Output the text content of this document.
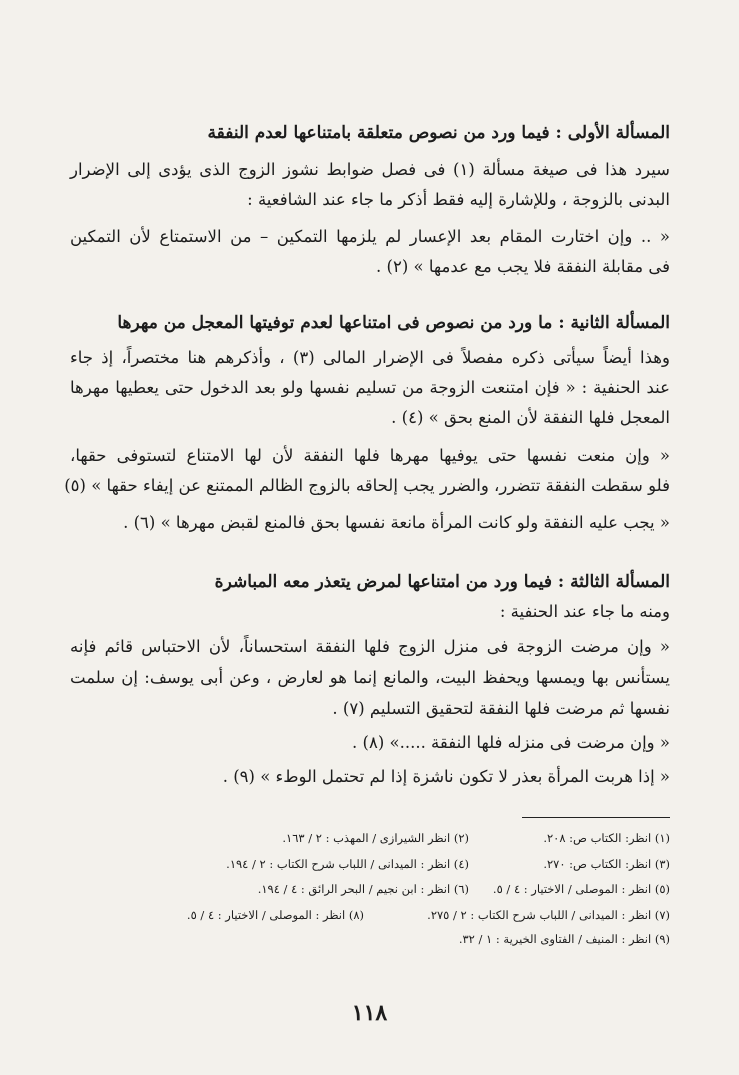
المسألة الأولى : فيما ورد من نصوص متعلقة بامتناعها لعدم النفقة
سيرد هذا فى صيغة مسألة (١) فى فصل ضوابط نشوز الزوج الذى يؤدى إلى الإضرار
البدنى بالزوجة ، وللإشارة إليه فقط أذكر ما جاء عند الشافعية :
« .. وإن اختارت المقام بعد الإعسار لم يلزمها التمكين – من الاستمتاع لأن التمكين
فى مقابلة النفقة فلا يجب مع عدمها » (٢) .
المسألة الثانية : ما ورد من نصوص فى امتناعها لعدم توفيتها المعجل من مهرها
وهذا أيضاً سيأتى ذكره مفصلاً فى الإضرار المالى (٣) ، وأذكرهم هنا مختصراً، إذ جاء
عند الحنفية : « فإن امتنعت الزوجة من تسليم نفسها ولو بعد الدخول حتى يعطيها مهرها
المعجل فلها النفقة لأن المنع بحق » (٤) .
« وإن منعت نفسها حتى يوفيها مهرها فلها النفقة لأن لها الامتناع لتستوفى حقها،
فلو سقطت النفقة تتضرر، والضرر يجب إلحاقه بالزوج الظالم الممتنع عن إيفاء حقها » (٥)
« يجب عليه النفقة ولو كانت المرأة مانعة نفسها بحق فالمنع لقبض مهرها » (٦) .
المسألة الثالثة : فيما ورد من امتناعها لمرض يتعذر معه المباشرة
ومنه ما جاء عند الحنفية :
« وإن مرضت الزوجة فى منزل الزوج فلها النفقة استحساناً، لأن الاحتباس قائم فإنه
يستأنس بها ويمسها ويحفظ البيت، والمانع إنما هو لعارض ، وعن أبى يوسف: إن سلمت
نفسها ثم مرضت فلها النفقة لتحقيق التسليم (٧) .
« وإن مرضت فى منزله فلها النفقة .....» (٨) .
« إذا هربت المرأة بعذر لا تكون ناشزة إذا لم تحتمل الوطء » (٩) .
(١) انظر: الكتاب ص: ٢٠٨.
(٢) انظر الشيرازى / المهذب : ٢ / ١٦٣.
(٣) انظر: الكتاب ص: ٢٧٠.
(٤) انظر : الميدانى / اللباب شرح الكتاب : ٢ / ١٩٤.
(٥) انظر : الموصلى / الاختيار : ٤ / ٥.
(٦) انظر : ابن نجيم / البحر الرائق : ٤ / ١٩٤.
(٧) انظر : الميدانى / اللباب شرح الكتاب : ٢ / ٢٧٥.
(٨) انظر : الموصلى / الاختيار : ٤ / ٥.
(٩) انظر : المنيف / الفتاوى الخيرية : ١ / ٣٢.
١١٨
